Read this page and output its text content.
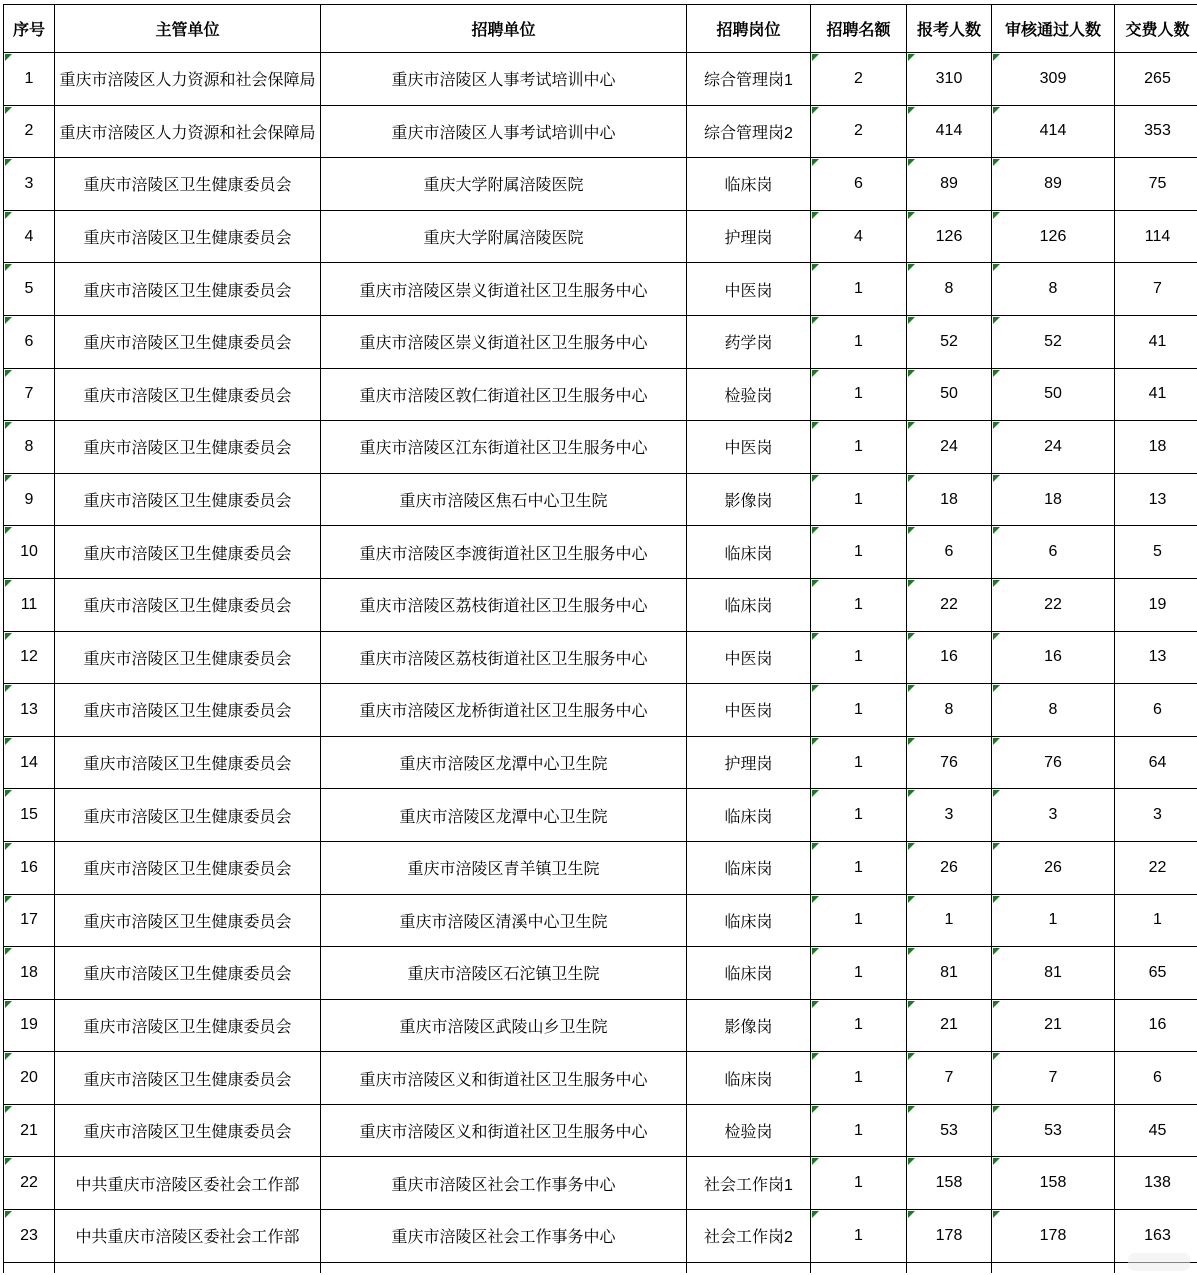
序号	主管单位	招聘单位	招聘岗位	招聘名额	报考人数	审核通过人数	交费人数

1	重庆市涪陵区人力资源和社会保障局	重庆市涪陵区人事考试培训中心	综合管理岗1	2	310	309	265

2	重庆市涪陵区人力资源和社会保障局	重庆市涪陵区人事考试培训中心	综合管理岗2	2	414	414	353

3	重庆市涪陵区卫生健康委员会	重庆大学附属涪陵医院	临床岗	6	89	89	75

4	重庆市涪陵区卫生健康委员会	重庆大学附属涪陵医院	护理岗	4	126	126	114

5	重庆市涪陵区卫生健康委员会	重庆市涪陵区崇义街道社区卫生服务中心	中医岗	1	8	8	7

6	重庆市涪陵区卫生健康委员会	重庆市涪陵区崇义街道社区卫生服务中心	药学岗	1	52	52	41

7	重庆市涪陵区卫生健康委员会	重庆市涪陵区敦仁街道社区卫生服务中心	检验岗	1	50	50	41

8	重庆市涪陵区卫生健康委员会	重庆市涪陵区江东街道社区卫生服务中心	中医岗	1	24	24	18

9	重庆市涪陵区卫生健康委员会	重庆市涪陵区焦石中心卫生院	影像岗	1	18	18	13

10	重庆市涪陵区卫生健康委员会	重庆市涪陵区李渡街道社区卫生服务中心	临床岗	1	6	6	5

11	重庆市涪陵区卫生健康委员会	重庆市涪陵区荔枝街道社区卫生服务中心	临床岗	1	22	22	19

12	重庆市涪陵区卫生健康委员会	重庆市涪陵区荔枝街道社区卫生服务中心	中医岗	1	16	16	13

13	重庆市涪陵区卫生健康委员会	重庆市涪陵区龙桥街道社区卫生服务中心	中医岗	1	8	8	6

14	重庆市涪陵区卫生健康委员会	重庆市涪陵区龙潭中心卫生院	护理岗	1	76	76	64

15	重庆市涪陵区卫生健康委员会	重庆市涪陵区龙潭中心卫生院	临床岗	1	3	3	3

16	重庆市涪陵区卫生健康委员会	重庆市涪陵区青羊镇卫生院	临床岗	1	26	26	22

17	重庆市涪陵区卫生健康委员会	重庆市涪陵区清溪中心卫生院	临床岗	1	1	1	1

18	重庆市涪陵区卫生健康委员会	重庆市涪陵区石沱镇卫生院	临床岗	1	81	81	65

19	重庆市涪陵区卫生健康委员会	重庆市涪陵区武陵山乡卫生院	影像岗	1	21	21	16

20	重庆市涪陵区卫生健康委员会	重庆市涪陵区义和街道社区卫生服务中心	临床岗	1	7	7	6

21	重庆市涪陵区卫生健康委员会	重庆市涪陵区义和街道社区卫生服务中心	检验岗	1	53	53	45

22	中共重庆市涪陵区委社会工作部	重庆市涪陵区社会工作事务中心	社会工作岗1	1	158	158	138

23	中共重庆市涪陵区委社会工作部	重庆市涪陵区社会工作事务中心	社会工作岗2	1	178	178	163
